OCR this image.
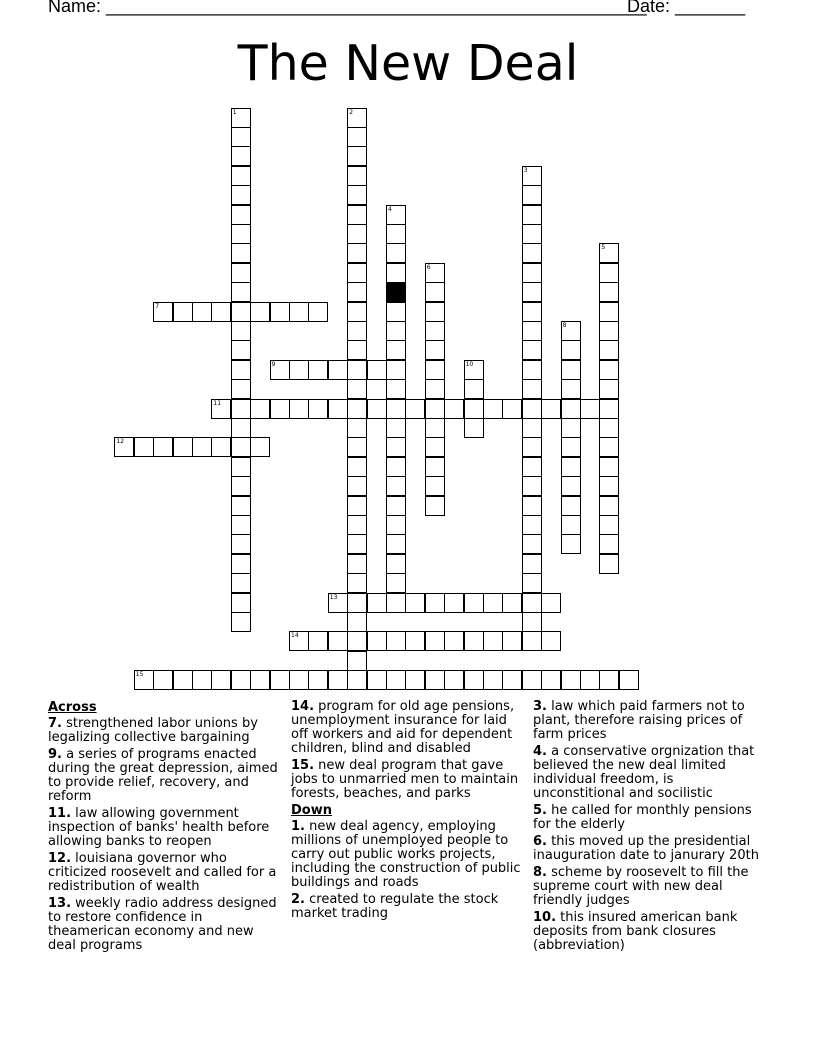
Name: ______________________________________________________
Date: _______
The New Deal
1	2
3
4
5
6
7
8
9	10
11
12
13
14
15
Across
7. strengthened labor unions by legalizing collective bargaining
9. a series of programs enacted during the great depression, aimed to provide relief, recovery, and reform
11. law allowing government inspection of banks' health before allowing banks to reopen
12. louisiana governor who criticized roosevelt and called for a redistribution of wealth
13. weekly radio address designed to restore confidence in theamerican economy and new deal programs
14. program for old age pensions, unemployment insurance for laid off workers and aid for dependent children, blind and disabled
15. new deal program that gave jobs to unmarried men to maintain forests, beaches, and parks
Down
1. new deal agency, employing millions of unemployed people to carry out public works projects, including the construction of public buildings and roads
2. created to regulate the stock market trading
3. law which paid farmers not to plant, therefore raising prices of farm prices
4. a conservative orgnization that believed the new deal limited individual freedom, is unconstitional and socilistic
5. he called for monthly pensions for the elderly
6. this moved up the presidential inauguration date to janurary 20th
8. scheme by roosevelt to fill the supreme court with new deal friendly judges
10. this insured american bank deposits from bank closures (abbreviation)
